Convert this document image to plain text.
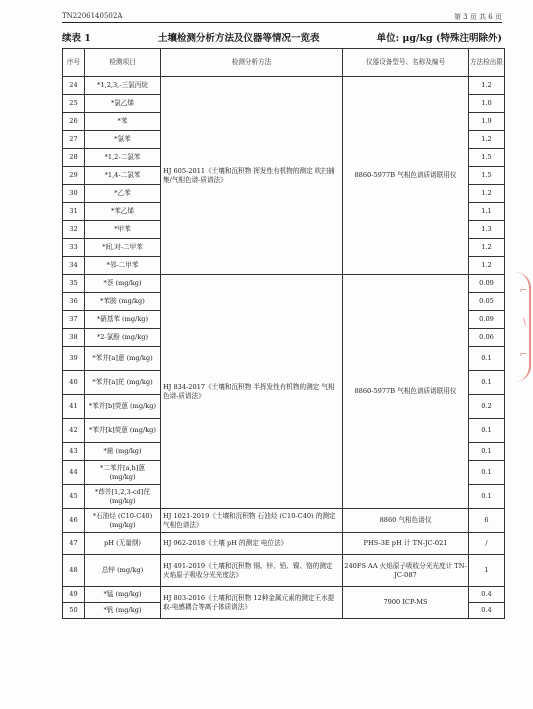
TN2206140502A	第 3 页 共 6 页
续表 1	土壤检测分析方法及仪器等情况一览表	单位: μg/kg (特殊注明除外)
序号	检测项目	检测分析方法	仪器设备型号、名称及编号	方法检出限
24	*1,2,3,-三氯丙烷	HJ 605-2011《土壤和沉积物 挥发性有机物的测定 吹扫捕集/气相色谱-质谱法》	8860-5977B 气相色谱质谱联用仪	1.2
25	*氯乙烯			1.0
26	*苯			1.9
27	*氯苯			1.2
28	*1,2-二氯苯			1.5
29	*1,4-二氯苯			1.5
30	*乙苯			1.2
31	*苯乙烯			1.1
32	*甲苯			1.3
33	*间,对-二甲苯			1.2
34	*邻-二甲苯			1.2
35	*萘 (mg/kg)	HJ 834-2017《土壤和沉积物 半挥发性有机物的测定 气相色谱-质谱法》	8860-5977B 气相色谱质谱联用仪	0.09
36	*苯胺 (mg/kg)			0.05
37	*硝基苯 (mg/kg)			0.09
38	*2-氯酚 (mg/kg)			0.06
39	*苯并[a]蒽 (mg/kg)			0.1
40	*苯并[a]芘 (mg/kg)			0.1
41	*苯并[b]荧蒽 (mg/kg)			0.2
42	*苯并[k]荧蒽 (mg/kg)			0.1
43	*䓛 (mg/kg)			0.1
44	*二苯并[a,h]蒽 (mg/kg)			0.1
45	*茚并[1,2,3-cd]芘 (mg/kg)			0.1
46	*石油烃 (C10-C40) (mg/kg)	HJ 1021-2019《土壤和沉积物 石油烃 (C10-C40) 的测定 气相色谱法》	8860 气相色谱仪	6
47	pH (无量纲)	HJ 962-2018《土壤 pH 的测定 电位法》	PHS-3E pH 计 TN-JC-021	/
48	总锌 (mg/kg)	HJ 491-2019《土壤和沉积物 铜、锌、铅、镍、铬的测定 火焰原子吸收分光光度法》	240FS AA 火焰原子吸收分光光度计 TN-JC-087	1
49	*锰 (mg/kg)	HJ 803-2016《土壤和沉积物 12种金属元素的测定王水提取-电感耦合等离子体质谱法》	7900 ICP-MS	0.4
50	*钒 (mg/kg)			0.4
⌐
∖
⌐
